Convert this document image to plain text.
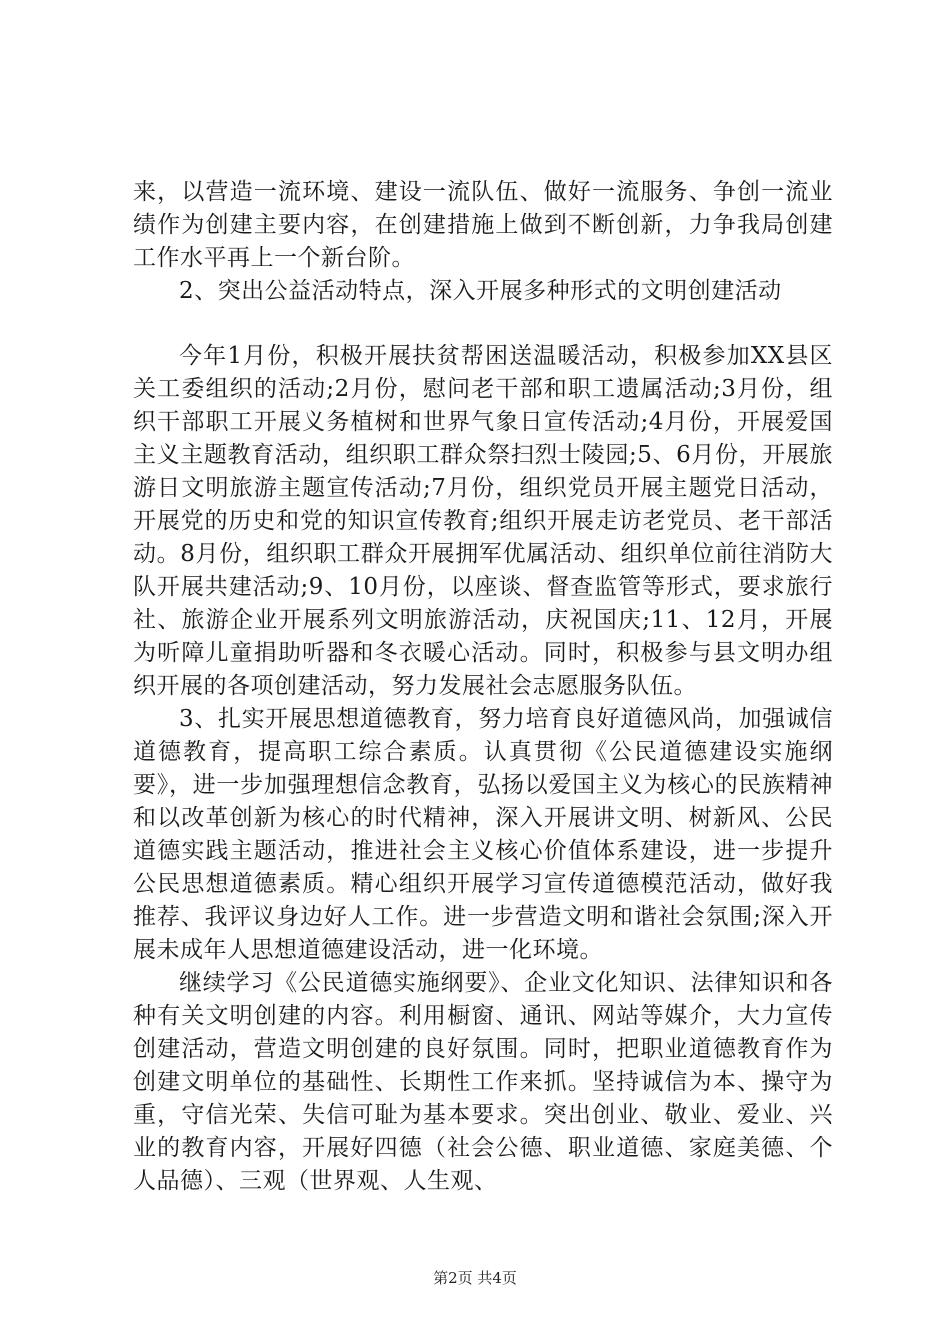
来，以营造一流环境、建设一流队伍、做好一流服务、争创一流业绩作为创建主要内容，在创建措施上做到不断创新，力争我局创建工作水平再上一个新台阶。

2、突出公益活动特点，深入开展多种形式的文明创建活动

今年1月份，积极开展扶贫帮困送温暖活动，积极参加XX县区关工委组织的活动;2月份，慰问老干部和职工遗属活动;3月份，组织干部职工开展义务植树和世界气象日宣传活动;4月份，开展爱国主义主题教育活动，组织职工群众祭扫烈士陵园;5、6月份，开展旅游日文明旅游主题宣传活动;7月份，组织党员开展主题党日活动，开展党的历史和党的知识宣传教育;组织开展走访老党员、老干部活动。8月份，组织职工群众开展拥军优属活动、组织单位前往消防大队开展共建活动;9、10月份，以座谈、督查监管等形式，要求旅行社、旅游企业开展系列文明旅游活动，庆祝国庆;11、12月，开展为听障儿童捐助听器和冬衣暖心活动。同时，积极参与县文明办组织开展的各项创建活动，努力发展社会志愿服务队伍。

3、扎实开展思想道德教育，努力培育良好道德风尚，加强诚信道德教育，提高职工综合素质。认真贯彻《公民道德建设实施纲要》，进一步加强理想信念教育，弘扬以爱国主义为核心的民族精神和以改革创新为核心的时代精神，深入开展讲文明、树新风、公民道德实践主题活动，推进社会主义核心价值体系建设，进一步提升公民思想道德素质。精心组织开展学习宣传道德模范活动，做好我推荐、我评议身边好人工作。进一步营造文明和谐社会氛围;深入开展未成年人思想道德建设活动，进一化环境。

继续学习《公民道德实施纲要》、企业文化知识、法律知识和各种有关文明创建的内容。利用橱窗、通讯、网站等媒介，大力宣传创建活动，营造文明创建的良好氛围。同时，把职业道德教育作为创建文明单位的基础性、长期性工作来抓。坚持诚信为本、操守为重，守信光荣、失信可耻为基本要求。突出创业、敬业、爱业、兴业的教育内容，开展好四德（社会公德、职业道德、家庭美德、个人品德）、三观（世界观、人生观、

第2页 共4页
